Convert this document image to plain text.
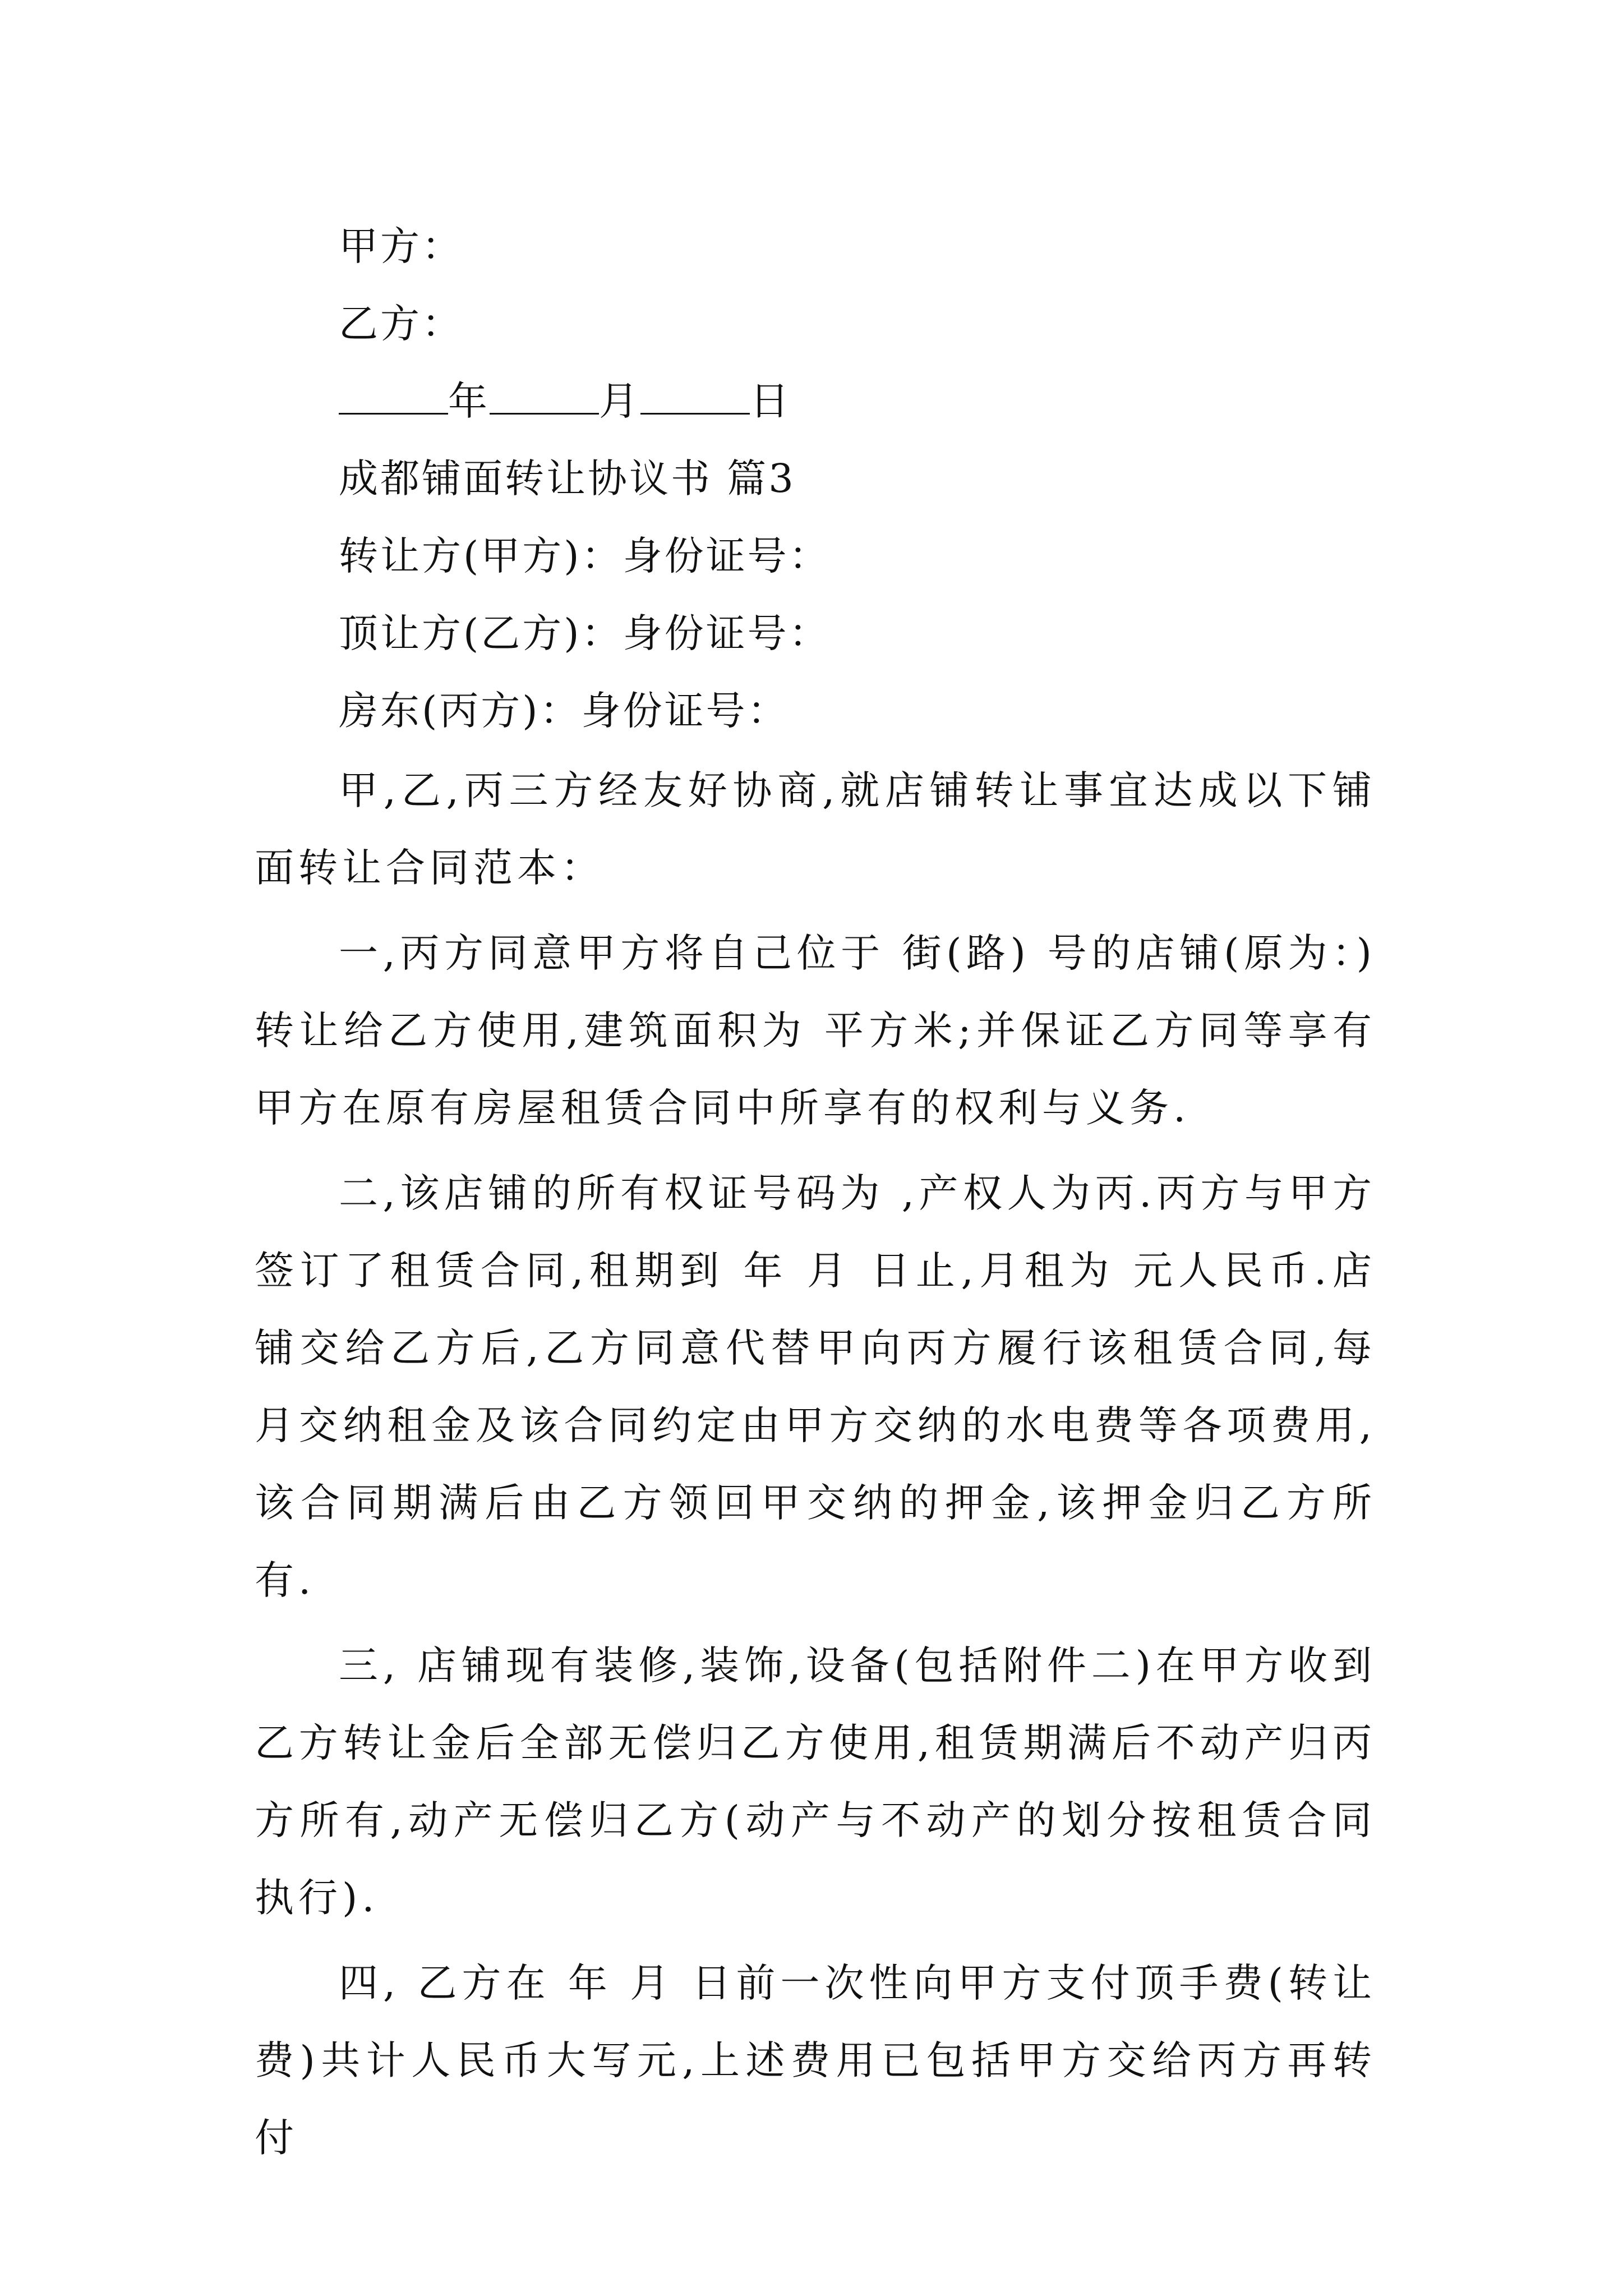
甲方：
乙方：
年	月	日
成都铺面转让协议书 篇3
转让方(甲方)：身份证号：
顶让方(乙方)：身份证号：
房东(丙方)：身份证号：

甲,乙,丙三方经友好协商,就店铺转让事宜达成以下铺面转让合同范本：

一,丙方同意甲方将自己位于 街(路) 号的店铺(原为：)转让给乙方使用,建筑面积为 平方米;并保证乙方同等享有甲方在原有房屋租赁合同中所享有的权利与义务.

二,该店铺的所有权证号码为 ,产权人为丙.丙方与甲方签订了租赁合同,租期到 年 月 日止,月租为 元人民币.店铺交给乙方后,乙方同意代替甲向丙方履行该租赁合同,每月交纳租金及该合同约定由甲方交纳的水电费等各项费用,该合同期满后由乙方领回甲交纳的押金,该押金归乙方所有.

三, 店铺现有装修,装饰,设备(包括附件二)在甲方收到乙方转让金后全部无偿归乙方使用,租赁期满后不动产归丙方所有,动产无偿归乙方(动产与不动产的划分按租赁合同执行).

四, 乙方在 年 月 日前一次性向甲方支付顶手费(转让费)共计人民币大写元,上述费用已包括甲方交给丙方再转付
